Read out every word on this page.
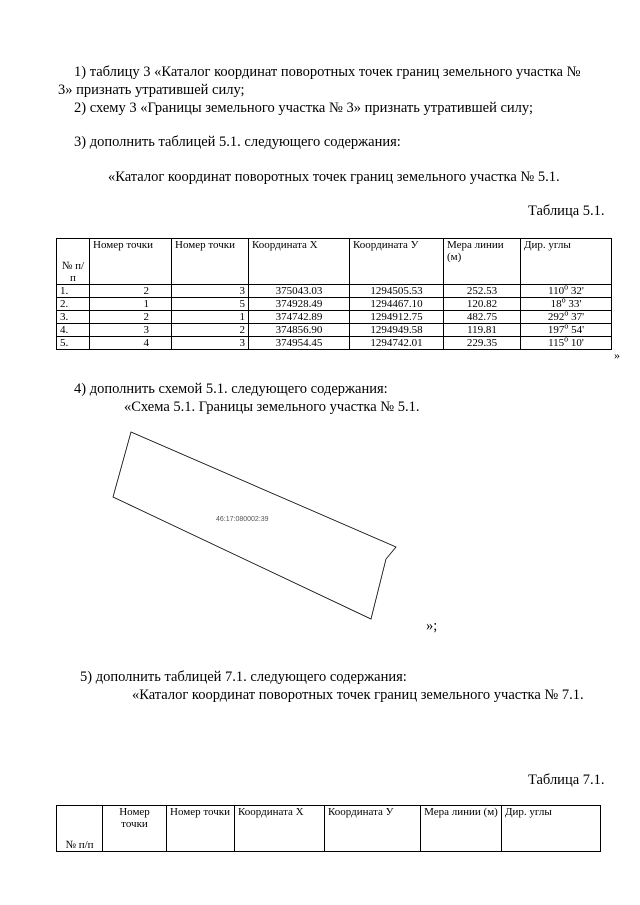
1) таблицу 3 «Каталог координат поворотных точек границ земельного участка №
3» признать утратившей силу;
2) схему 3 «Границы земельного участка № 3» признать утратившей силу;
3) дополнить таблицей 5.1. следующего содержания:
«Каталог координат поворотных точек границ земельного участка № 5.1.
Таблица 5.1.
№ п/п	Номер точки	Номер точки	Координата Х	Координата У	Мера линии (м)	Дир. углы
1.	2	3	375043.03	1294505.53	252.53	110$^o$ 32'
2.	1	5	374928.49	1294467.10	120.82	18$^o$ 33'
3.	2	1	374742.89	1294912.75	482.75	292$^o$ 37'
4.	3	2	374856.90	1294949.58	119.81	197$^o$ 54'
5.	4	3	374954.45	1294742.01	229.35	115$^o$ 10'
»
4) дополнить схемой 5.1. следующего содержания:
«Схема 5.1. Границы земельного участка № 5.1.
46:17:080002:39
»;
5) дополнить таблицей 7.1. следующего содержания:
«Каталог координат поворотных точек границ земельного участка № 7.1.
Таблица 7.1.
№ п/п	Номер точки	Номер точки	Координата Х	Координата У	Мера линии (м)	Дир. углы
